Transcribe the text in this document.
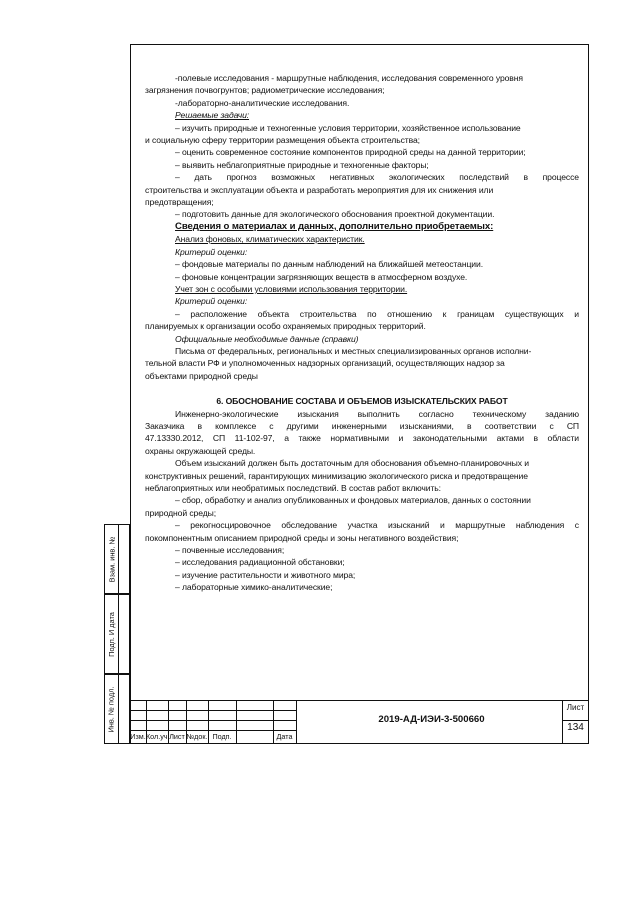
-полевые исследования - маршрутные наблюдения, исследования современного уровня
загрязнения почвогрунтов; радиометрические исследования;
-лабораторно-аналитические исследования.
Решаемые задачи:
– изучить природные и техногенные условия территории, хозяйственное использование
и социальную сферу территории размещения объекта строительства;
– оценить современное состояние компонентов природной среды на данной территории;
– выявить неблагоприятные природные и техногенные факторы;
– дать прогноз возможных негативных экологических последствий в процессе
строительства и эксплуатации объекта и разработать мероприятия для их снижения или
предотвращения;
– подготовить данные для экологического обоснования проектной документации.
Сведения о материалах и данных, дополнительно приобретаемых:
Анализ фоновых, климатических характеристик.
Критерий оценки:
– фондовые материалы по данным наблюдений на ближайшей метеостанции.
– фоновые концентрации загрязняющих веществ в атмосферном воздухе.
Учет зон с особыми условиями использования территории.
Критерий оценки:
– расположение объекта строительства по отношению к границам существующих и
планируемых к организации особо охраняемых природных территорий.
Официальные необходимые данные (справки)
Письма от федеральных, региональных и местных специализированных органов исполни-
тельной власти РФ и уполномоченных надзорных организаций, осуществляющих надзор за
объектами природной среды
6. ОБОСНОВАНИЕ СОСТАВА И ОБЪЕМОВ ИЗЫСКАТЕЛЬСКИХ РАБОТ
Инженерно-экологические изыскания выполнить согласно техническому заданию
Заказчика в комплексе с другими инженерными изысканиями, в соответствии с СП
47.13330.2012, СП 11-102-97, а также нормативными и законодательными актами в области
охраны окружающей среды.
Объем изысканий должен быть достаточным для обоснования объемно-планировочных и
конструктивных решений, гарантирующих минимизацию экологического риска и предотвращение
неблагоприятных или необратимых последствий. В состав работ включить:
– сбор, обработку и анализ опубликованных и фондовых материалов, данных о состоянии
природной среды;
– рекогносцировочное обследование участка изысканий и маршрутные наблюдения с
покомпонентным описанием природной среды и зоны негативного воздействия;
– почвенные исследования;
– исследования радиационной обстановки;
– изучение растительности и животного мира;
– лабораторные химико-аналитические;
Взам. инв. №
Подп. И дата
Инв. № подл.
Изм. Кол.уч. Лист №док. Подп.	Дата
2019-АД-ИЭИ-3-500660
Лист
134
